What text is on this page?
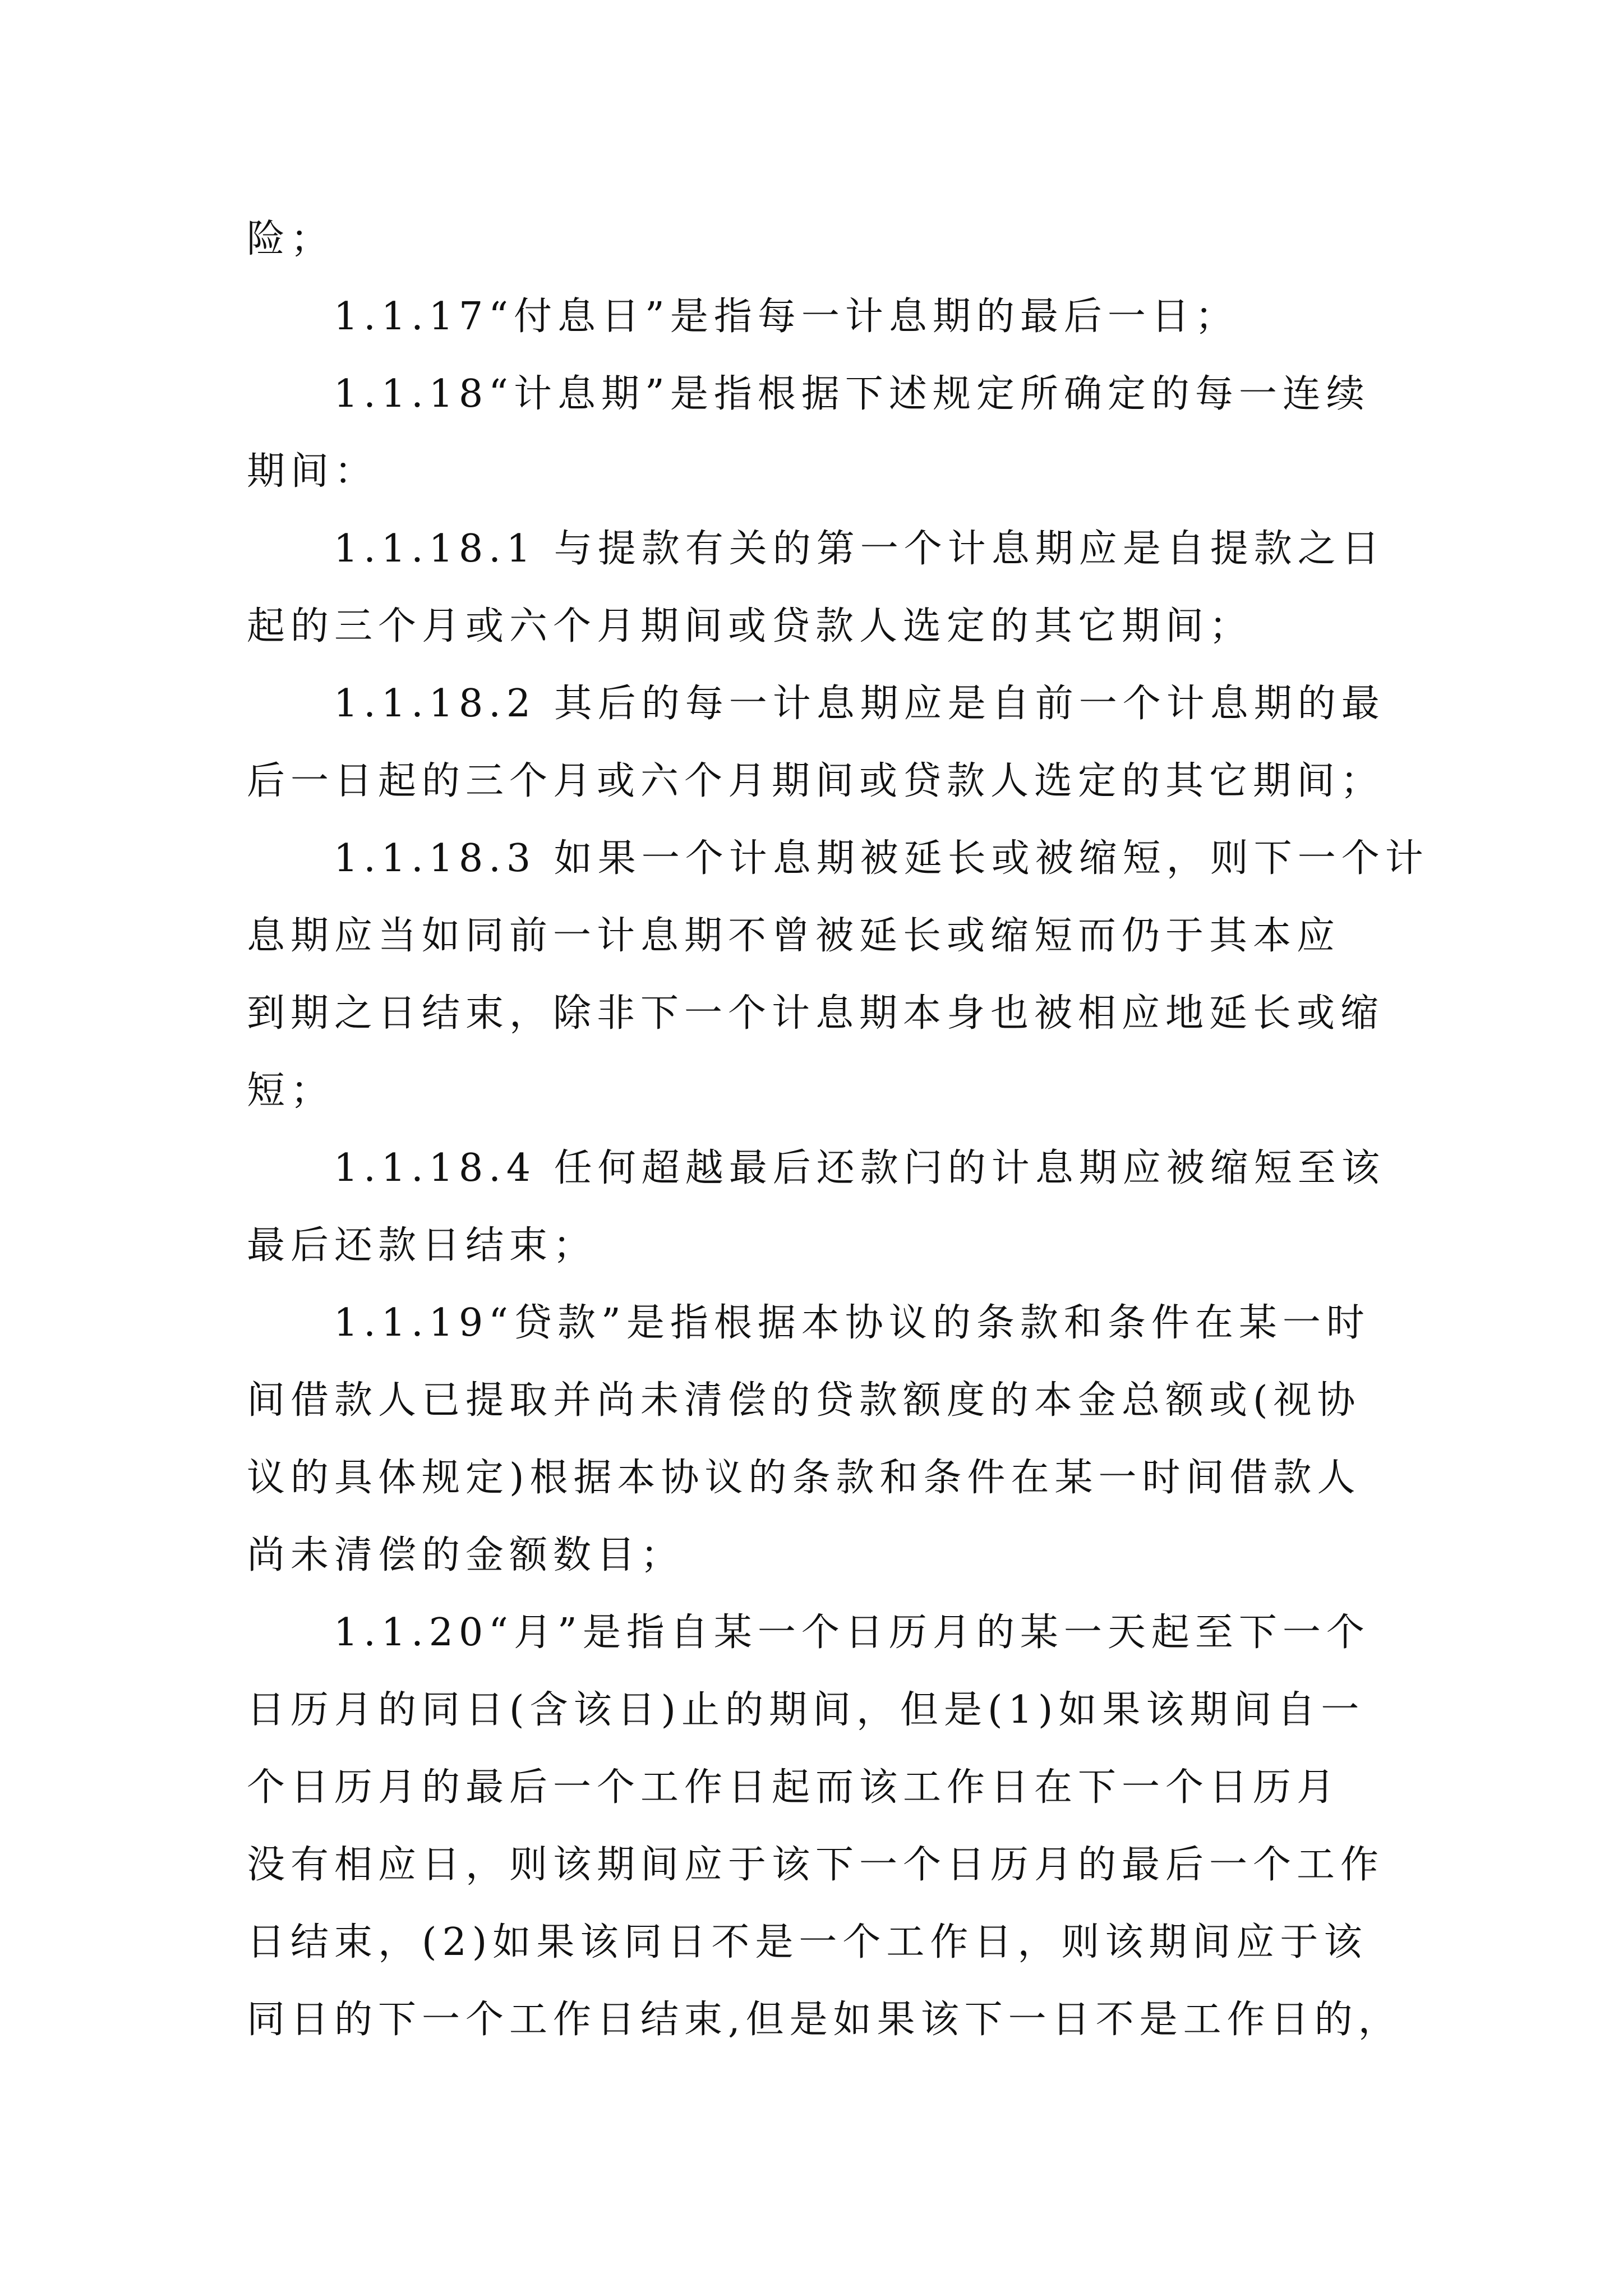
险；
1.1.17“付息日”是指每一计息期的最后一日；
1.1.18“计息期”是指根据下述规定所确定的每一连续
期间：
1.1.18.1 与提款有关的第一个计息期应是自提款之日
起的三个月或六个月期间或贷款人选定的其它期间；
1.1.18.2 其后的每一计息期应是自前一个计息期的最
后一日起的三个月或六个月期间或贷款人选定的其它期间；
1.1.18.3 如果一个计息期被延长或被缩短，则下一个计
息期应当如同前一计息期不曾被延长或缩短而仍于其本应
到期之日结束，除非下一个计息期本身也被相应地延长或缩
短；
1.1.18.4 任何超越最后还款闩的计息期应被缩短至该
最后还款日结束；
1.1.19“贷款”是指根据本协议的条款和条件在某一时
间借款人已提取并尚未清偿的贷款额度的本金总额或(视协
议的具体规定)根据本协议的条款和条件在某一时间借款人
尚未清偿的金额数目；
1.1.20“月”是指自某一个日历月的某一天起至下一个
日历月的同日(含该日)止的期间，但是(1)如果该期间自一
个日历月的最后一个工作日起而该工作日在下一个日历月
没有相应日，则该期间应于该下一个日历月的最后一个工作
日结束，(2)如果该同日不是一个工作日，则该期间应于该
同日的下一个工作日结束,但是如果该下一日不是工作日的，
